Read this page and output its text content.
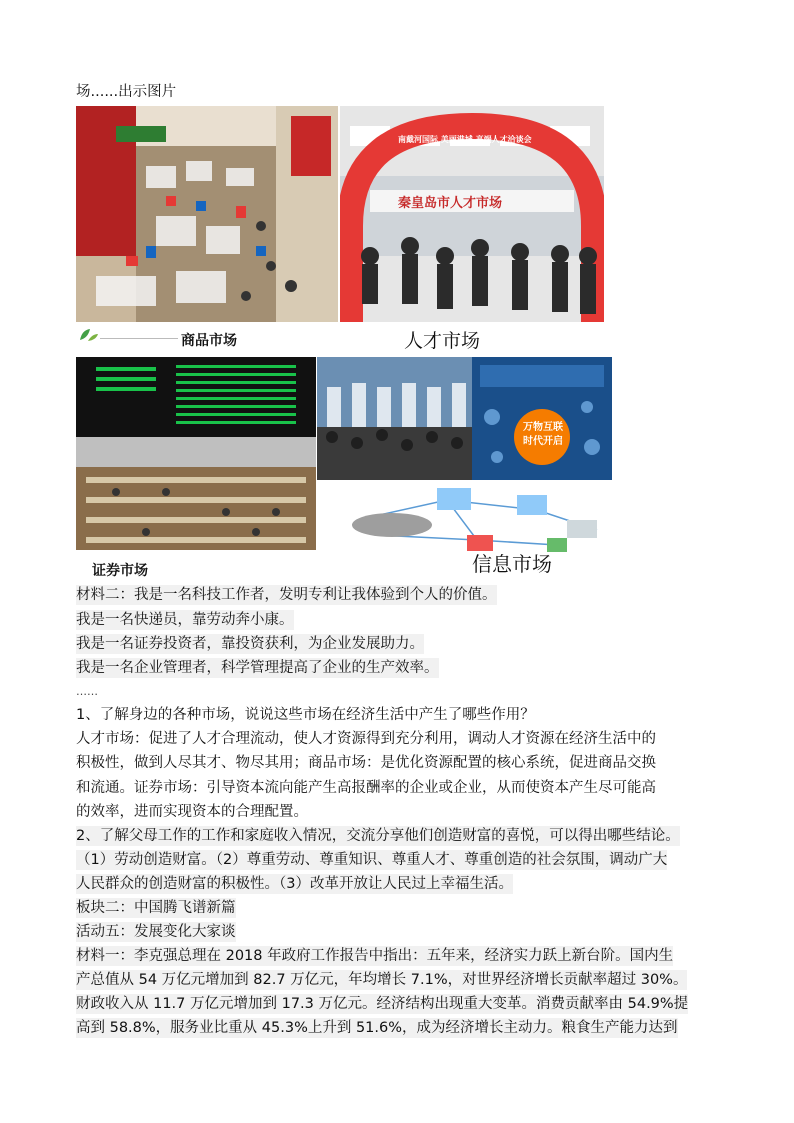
场......出示图片
商品市场
南戴河国际 美丽港城 高端人才洽谈会
秦皇岛市人才市场
人才市场
证券市场
万物互联 时代开启
信息市场
材料二：我是一名科技工作者，发明专利让我体验到个人的价值。
我是一名快递员，靠劳动奔小康。
我是一名证券投资者，靠投资获利，为企业发展助力。
我是一名企业管理者，科学管理提高了企业的生产效率。
……
1、了解身边的各种市场，说说这些市场在经济生活中产生了哪些作用？
人才市场：促进了人才合理流动，使人才资源得到充分利用，调动人才资源在经济生活中的
积极性，做到人尽其才、物尽其用；商品市场：是优化资源配置的核心系统，促进商品交换
和流通。证券市场：引导资本流向能产生高报酬率的企业或企业，从而使资本产生尽可能高
的效率，进而实现资本的合理配置。
2、了解父母工作的工作和家庭收入情况，交流分享他们创造财富的喜悦，可以得出哪些结论。
（1）劳动创造财富。（2）尊重劳动、尊重知识、尊重人才、尊重创造的社会氛围，调动广大
人民群众的创造财富的积极性。（3）改革开放让人民过上幸福生活。
板块二：中国腾飞谱新篇
活动五：发展变化大家谈
材料一：李克强总理在 2018 年政府工作报告中指出：五年来，经济实力跃上新台阶。国内生
产总值从 54 万亿元增加到 82.7 万亿元，年均增长 7.1%，对世界经济增长贡献率超过 30%。
财政收入从 11.7 万亿元增加到 17.3 万亿元。经济结构出现重大变革。消费贡献率由 54.9%提
高到 58.8%，服务业比重从 45.3%上升到 51.6%，成为经济增长主动力。粮食生产能力达到
